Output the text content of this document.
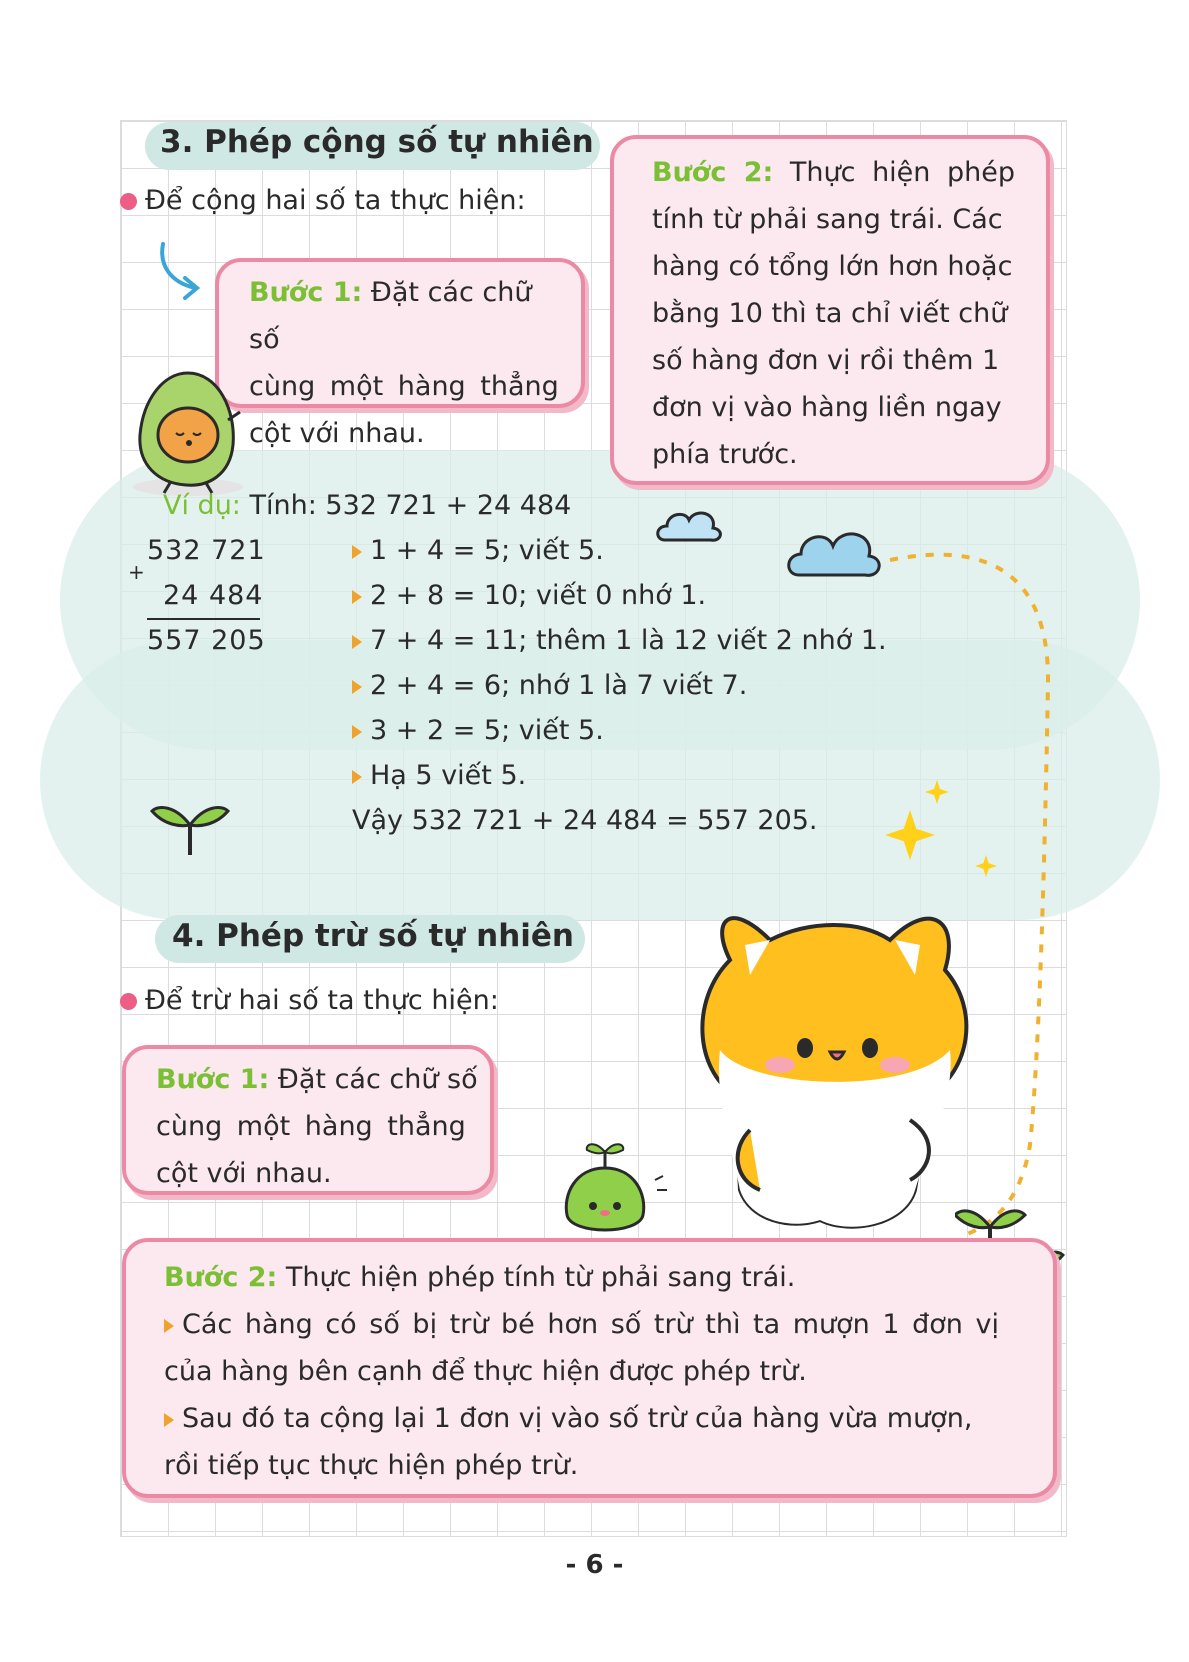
3. Phép cộng số tự nhiên
Để cộng hai số ta thực hiện:
Bước 1: Đặt các chữ số
cùng một hàng thẳng
cột với nhau.
Bước 2: Thực hiện phép
tính từ phải sang trái. Các
hàng có tổng lớn hơn hoặc
bằng 10 thì ta chỉ viết chữ
số hàng đơn vị rồi thêm 1
đơn vị vào hàng liền ngay
phía trước.
Ví dụ: Tính: 532 721 + 24 484
532 721
+
24 484
557 205
1 + 4 = 5; viết 5.
2 + 8 = 10; viết 0 nhớ 1.
7 + 4 = 11; thêm 1 là 12 viết 2 nhớ 1.
2 + 4 = 6; nhớ 1 là 7 viết 7.
3 + 2 = 5; viết 5.
Hạ 5 viết 5.
Vậy 532 721 + 24 484 = 557 205.
4. Phép trừ số tự nhiên
Để trừ hai số ta thực hiện:
Bước 1: Đặt các chữ số
cùng một hàng thẳng
cột với nhau.
Bước 2: Thực hiện phép tính từ phải sang trái.
Các hàng có số bị trừ bé hơn số trừ thì ta mượn 1 đơn vị
của hàng bên cạnh để thực hiện được phép trừ.
Sau đó ta cộng lại 1 đơn vị vào số trừ của hàng vừa mượn,
rồi tiếp tục thực hiện phép trừ.
- 6 -
